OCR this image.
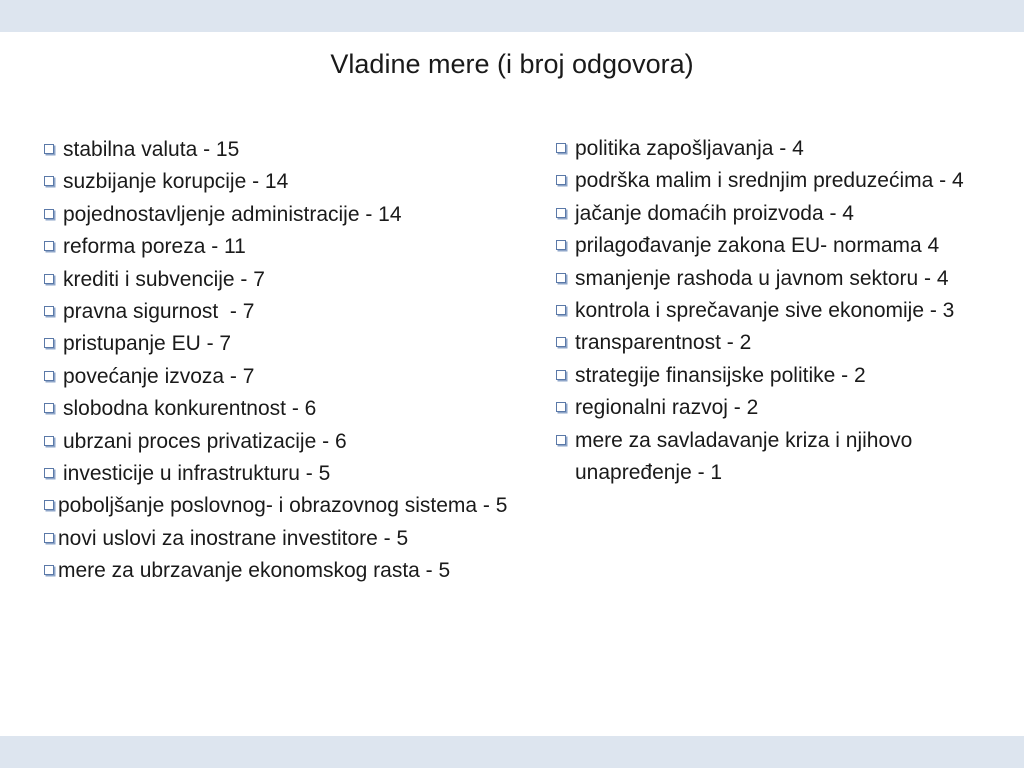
Vladine mere (i broj odgovora)
stabilna valuta - 15
suzbijanje korupcije - 14
pojednostavljenje administracije - 14
reforma poreza - 11
krediti i subvencije - 7
pravna sigurnost  - 7
pristupanje EU - 7
povećanje izvoza - 7
slobodna konkurentnost - 6
ubrzani proces privatizacije - 6
investicije u infrastrukturu - 5
poboljšanje poslovnog- i obrazovnog sistema - 5
novi uslovi za inostrane investitore - 5
mere za ubrzavanje ekonomskog rasta - 5
politika zapošljavanja - 4
podrška malim i srednjim preduzećima - 4
jačanje domaćih proizvoda - 4
prilagođavanje zakona EU- normama 4
smanjenje rashoda u javnom sektoru - 4
kontrola i sprečavanje sive ekonomije - 3
transparentnost - 2
strategije finansijske politike - 2
regionalni razvoj - 2
mere za savladavanje kriza i njihovo unapređenje - 1
